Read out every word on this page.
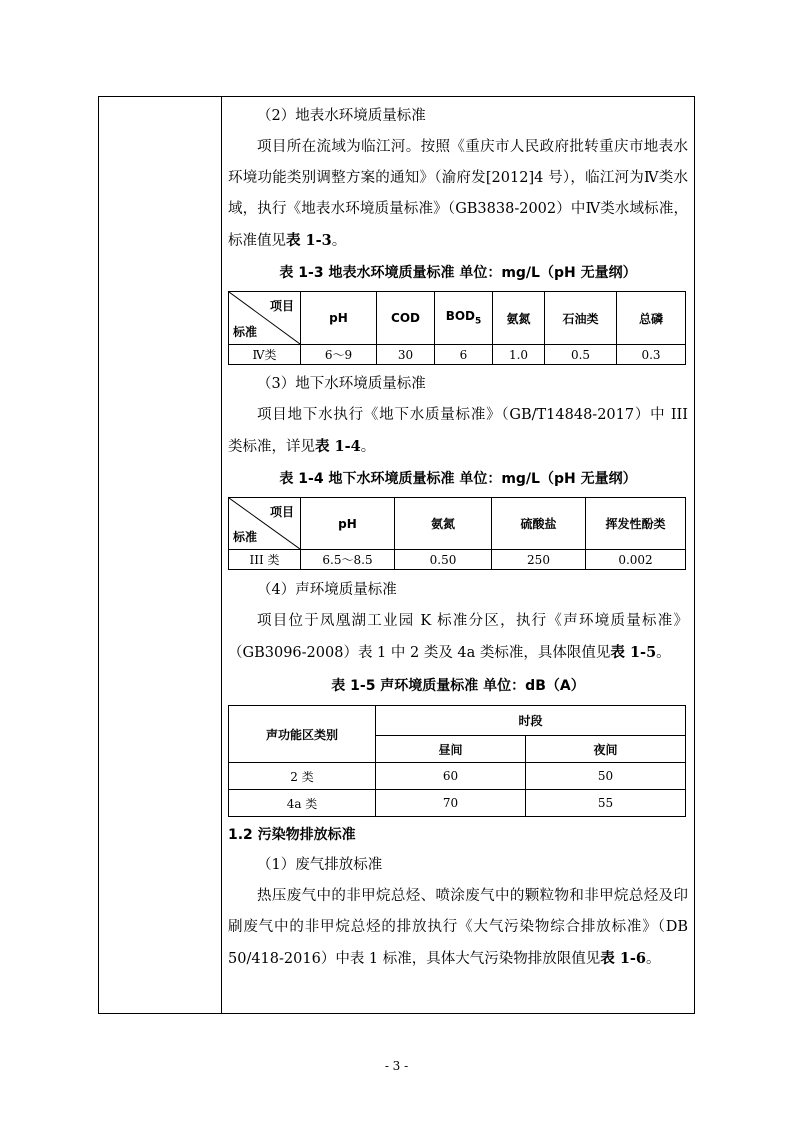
（2）地表水环境质量标准

项目所在流域为临江河。按照《重庆市人民政府批转重庆市地表水环境功能类别调整方案的通知》（渝府发[2012]4 号），临江河为Ⅳ类水域，执行《地表水环境质量标准》（GB3838-2002）中Ⅳ类水域标准，标准值见表 1-3。

表 1-3 地表水环境质量标准 单位：mg/L（pH 无量纲）
项目
标准	pH	COD	$BOD_5$	氨氮	石油类	总磷
Ⅳ类	6～9	30	6	1.0	0.5	0.3

（3）地下水环境质量标准

项目地下水执行《地下水质量标准》（GB/T14848-2017）中 III 类标准，详见表 1-4。

表 1-4 地下水环境质量标准 单位：mg/L（pH 无量纲）
项目
标准	pH	氨氮	硫酸盐	挥发性酚类
III 类	6.5～8.5	0.50	250	0.002

（4）声环境质量标准

项目位于凤凰湖工业园 K 标准分区，执行《声环境质量标准》（GB3096-2008）表 1 中 2 类及 4a 类标准，具体限值见表 1-5。

表 1-5 声环境质量标准 单位：dB（A）
声功能区类别	时段	
	昼间	夜间
2 类	60	50
4a 类	70	55
1.2 污染物排放标准

（1）废气排放标准

热压废气中的非甲烷总烃、喷涂废气中的颗粒物和非甲烷总烃及印刷废气中的非甲烷总烃的排放执行《大气污染物综合排放标准》（DB 50/418-2016）中表 1 标准，具体大气污染物排放限值见表 1-6。

- 3 -
